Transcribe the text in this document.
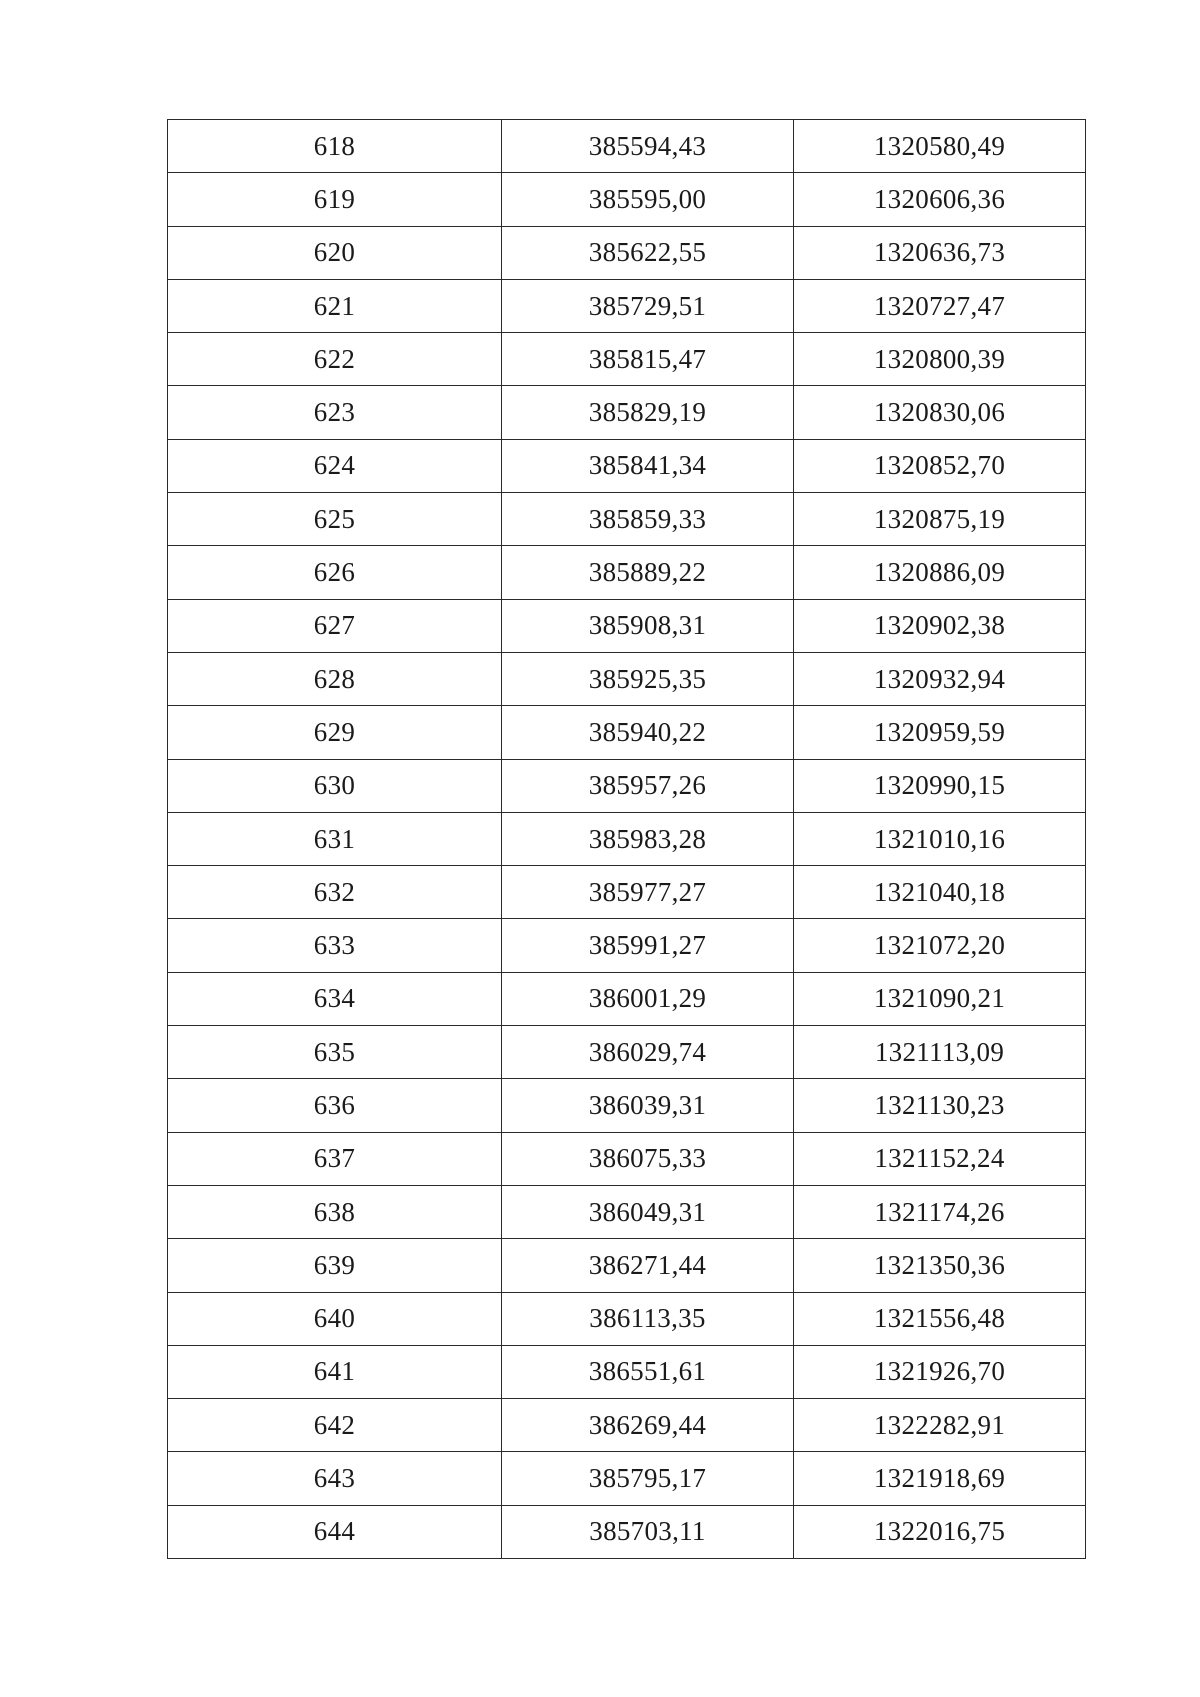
618	385594,43	1320580,49
619	385595,00	1320606,36
620	385622,55	1320636,73
621	385729,51	1320727,47
622	385815,47	1320800,39
623	385829,19	1320830,06
624	385841,34	1320852,70
625	385859,33	1320875,19
626	385889,22	1320886,09
627	385908,31	1320902,38
628	385925,35	1320932,94
629	385940,22	1320959,59
630	385957,26	1320990,15
631	385983,28	1321010,16
632	385977,27	1321040,18
633	385991,27	1321072,20
634	386001,29	1321090,21
635	386029,74	1321113,09
636	386039,31	1321130,23
637	386075,33	1321152,24
638	386049,31	1321174,26
639	386271,44	1321350,36
640	386113,35	1321556,48
641	386551,61	1321926,70
642	386269,44	1322282,91
643	385795,17	1321918,69
644	385703,11	1322016,75
